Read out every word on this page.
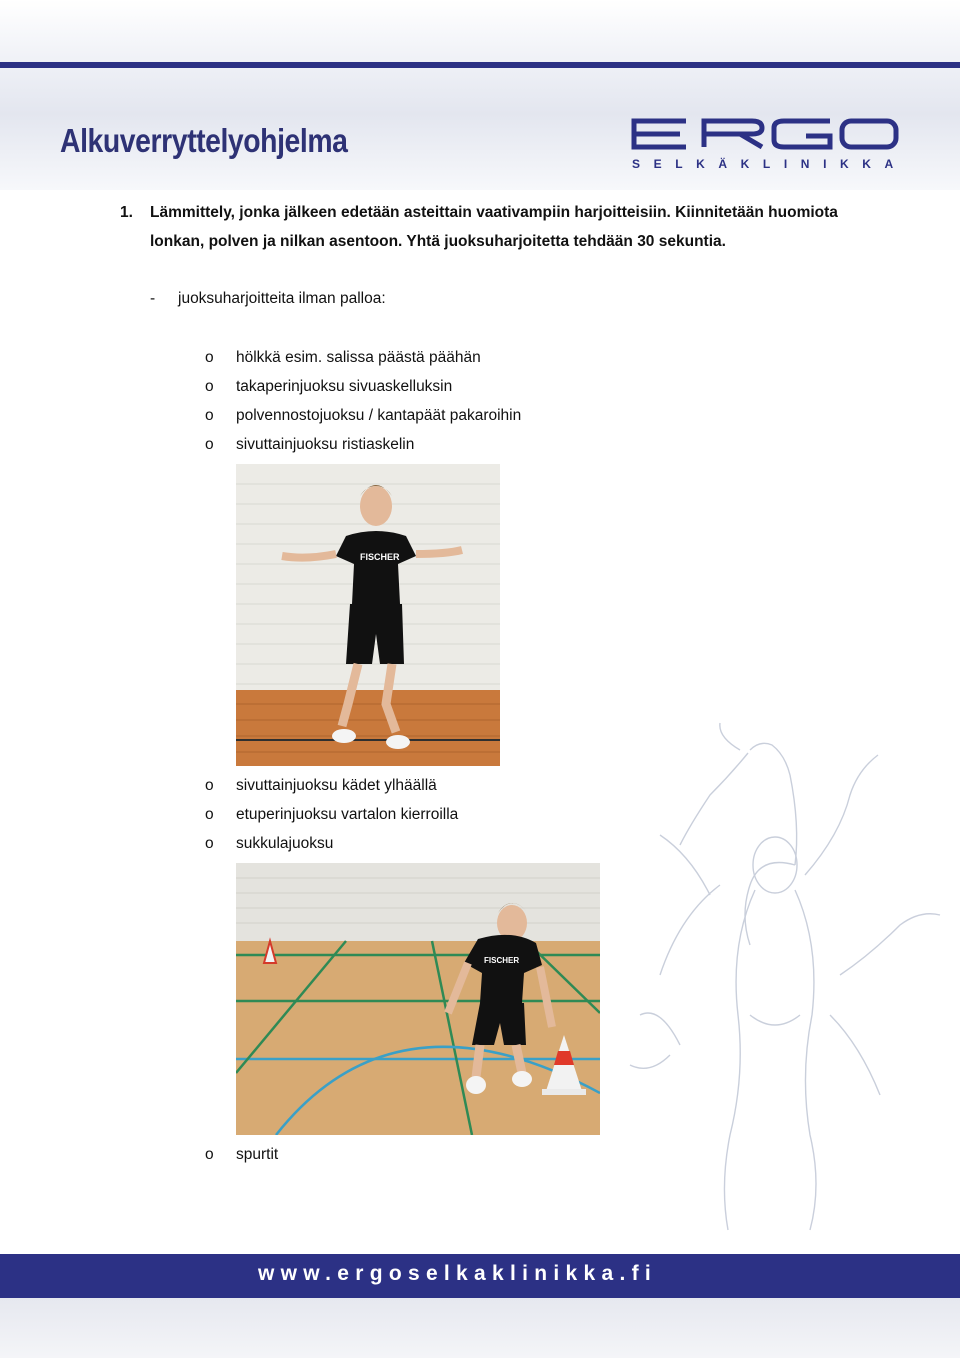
Alkuverryttelyohjelma
SELKÄKLINIKKA
1. Lämmittely, jonka jälkeen edetään asteittain vaativampiin harjoitteisiin. Kiinnitetään huomiota lonkan, polven ja nilkan asentoon. Yhtä juoksuharjoitetta tehdään 30 sekuntia.
- juoksuharjoitteita ilman palloa:
o hölkkä esim. salissa päästä päähän
o takaperinjuoksu sivuaskelluksin
o polvennostojuoksu / kantapäät pakaroihin
o sivuttainjuoksu ristiaskelin
FISCHER
o sivuttainjuoksu kädet ylhäällä
o etuperinjuoksu vartalon kierroilla
o sukkulajuoksu
FISCHER
o spurtit
www.ergoselkaklinikka.fi
